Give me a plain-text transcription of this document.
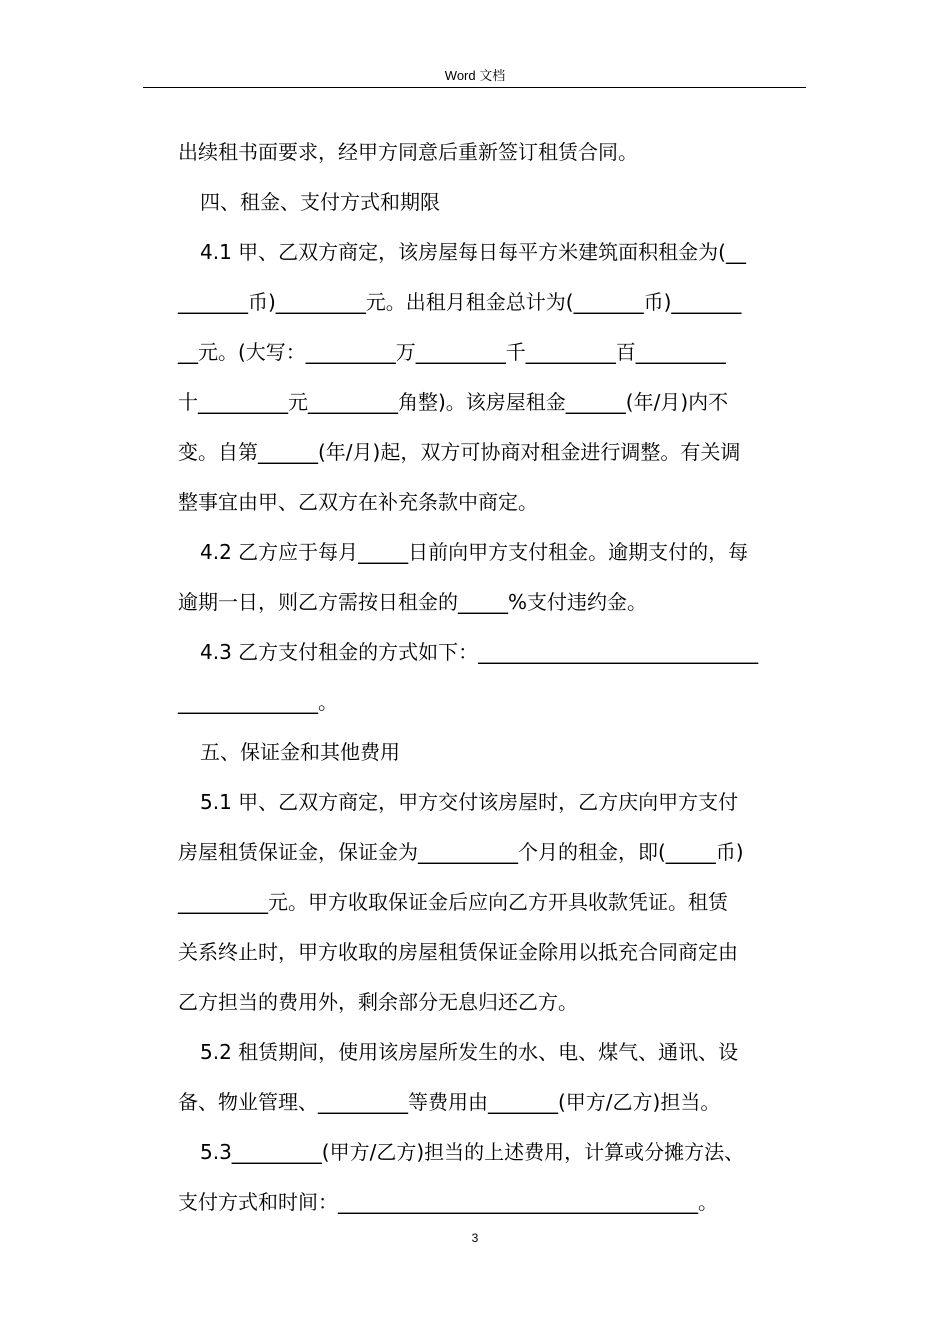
Word 文档
出续租书面要求，经甲方同意后重新签订租赁合同。
四、租金、支付方式和期限
4.1 甲、乙双方商定，该房屋每日每平方米建筑面积租金为(__
_______币)_________元。出租月租金总计为(_______币)_______
__元。(大写：_________万_________千_________百_________
十_________元_________角整)。该房屋租金______(年/月)内不
变。自第______(年/月)起，双方可协商对租金进行调整。有关调
整事宜由甲、乙双方在补充条款中商定。
4.2 乙方应于每月_____日前向甲方支付租金。逾期支付的，每
逾期一日，则乙方需按日租金的_____%支付违约金。
4.3 乙方支付租金的方式如下：____________________________
______________。
五、保证金和其他费用
5.1 甲、乙双方商定，甲方交付该房屋时，乙方庆向甲方支付
房屋租赁保证金，保证金为__________个月的租金，即(_____币)
_________元。甲方收取保证金后应向乙方开具收款凭证。租赁
关系终止时，甲方收取的房屋租赁保证金除用以抵充合同商定由
乙方担当的费用外，剩余部分无息归还乙方。
5.2 租赁期间，使用该房屋所发生的水、电、煤气、通讯、设
备、物业管理、_________等费用由_______(甲方/乙方)担当。
5.3_________(甲方/乙方)担当的上述费用，计算或分摊方法、
支付方式和时间：____________________________________。
3
